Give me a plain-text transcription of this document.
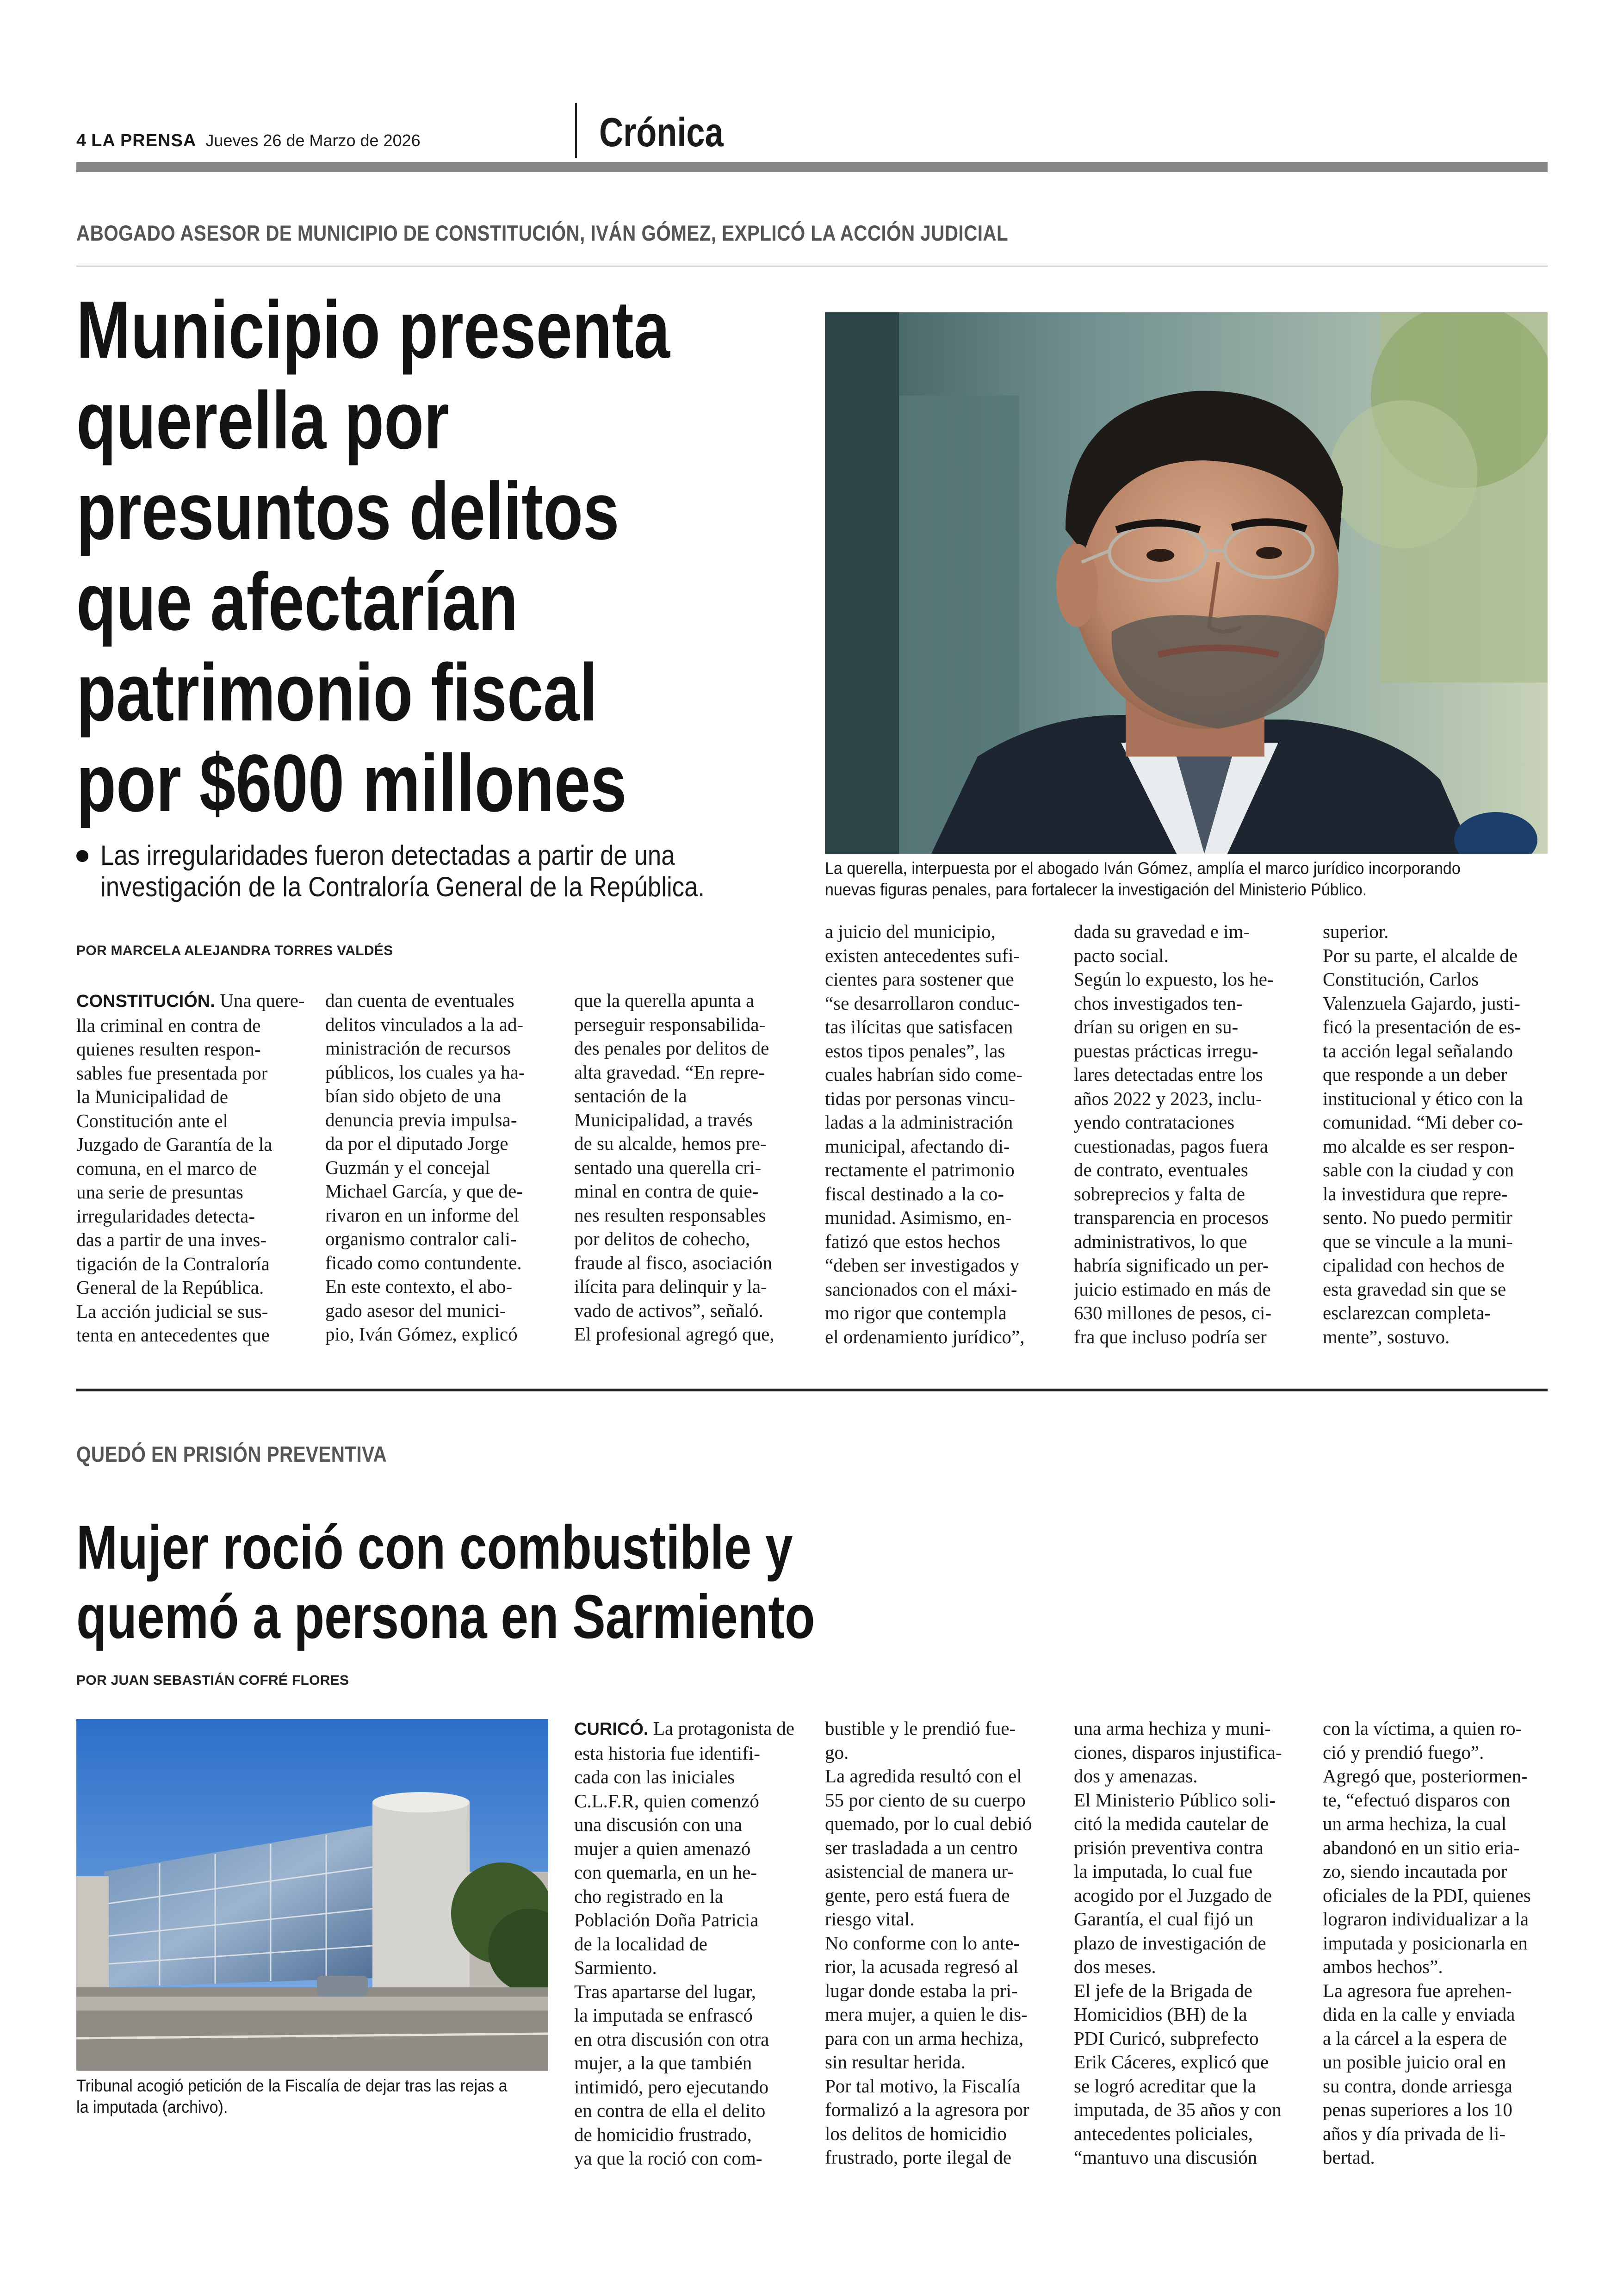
4 LA PRENSA Jueves 26 de Marzo de 2026	Crónica
ABOGADO ASESOR DE MUNICIPIO DE CONSTITUCIÓN, IVÁN GÓMEZ, EXPLICÓ LA ACCIÓN JUDICIAL
Municipio presenta
querella por
presuntos delitos
que afectarían
patrimonio fiscal
por $600 millones
Las irregularidades fueron detectadas a partir de una
investigación de la Contraloría General de la República.
POR MARCELA ALEJANDRA TORRES VALDÉS
La querella, interpuesta por el abogado Iván Gómez, amplía el marco jurídico incorporando
nuevas figuras penales, para fortalecer la investigación del Ministerio Público.
CONSTITUCIÓN. Una quere-
lla criminal en contra de
quienes resulten respon-
sables fue presentada por
la Municipalidad de
Constitución ante el
Juzgado de Garantía de la
comuna, en el marco de
una serie de presuntas
irregularidades detecta-
das a partir de una inves-
tigación de la Contraloría
General de la República.
La acción judicial se sus-
tenta en antecedentes que
dan cuenta de eventuales
delitos vinculados a la ad-
ministración de recursos
públicos, los cuales ya ha-
bían sido objeto de una
denuncia previa impulsa-
da por el diputado Jorge
Guzmán y el concejal
Michael García, y que de-
rivaron en un informe del
organismo contralor cali-
ficado como contundente.
En este contexto, el abo-
gado asesor del munici-
pio, Iván Gómez, explicó
que la querella apunta a
perseguir responsabilida-
des penales por delitos de
alta gravedad. “En repre-
sentación de la
Municipalidad, a través
de su alcalde, hemos pre-
sentado una querella cri-
minal en contra de quie-
nes resulten responsables
por delitos de cohecho,
fraude al fisco, asociación
ilícita para delinquir y la-
vado de activos”, señaló.
El profesional agregó que,
a juicio del municipio,
existen antecedentes sufi-
cientes para sostener que
“se desarrollaron conduc-
tas ilícitas que satisfacen
estos tipos penales”, las
cuales habrían sido come-
tidas por personas vincu-
ladas a la administración
municipal, afectando di-
rectamente el patrimonio
fiscal destinado a la co-
munidad. Asimismo, en-
fatizó que estos hechos
“deben ser investigados y
sancionados con el máxi-
mo rigor que contempla
el ordenamiento jurídico”,
dada su gravedad e im-
pacto social.
Según lo expuesto, los he-
chos investigados ten-
drían su origen en su-
puestas prácticas irregu-
lares detectadas entre los
años 2022 y 2023, inclu-
yendo contrataciones
cuestionadas, pagos fuera
de contrato, eventuales
sobreprecios y falta de
transparencia en procesos
administrativos, lo que
habría significado un per-
juicio estimado en más de
630 millones de pesos, ci-
fra que incluso podría ser
superior.
Por su parte, el alcalde de
Constitución, Carlos
Valenzuela Gajardo, justi-
ficó la presentación de es-
ta acción legal señalando
que responde a un deber
institucional y ético con la
comunidad. “Mi deber co-
mo alcalde es ser respon-
sable con la ciudad y con
la investidura que repre-
sento. No puedo permitir
que se vincule a la muni-
cipalidad con hechos de
esta gravedad sin que se
esclarezcan completa-
mente”, sostuvo.
QUEDÓ EN PRISIÓN PREVENTIVA
Mujer roció con combustible y
quemó a persona en Sarmiento
POR JUAN SEBASTIÁN COFRÉ FLORES
Tribunal acogió petición de la Fiscalía de dejar tras las rejas a
la imputada (archivo).
CURICÓ. La protagonista de
esta historia fue identifi-
cada con las iniciales
C.L.F.R, quien comenzó
una discusión con una
mujer a quien amenazó
con quemarla, en un he-
cho registrado en la
Población Doña Patricia
de la localidad de
Sarmiento.
Tras apartarse del lugar,
la imputada se enfrascó
en otra discusión con otra
mujer, a la que también
intimidó, pero ejecutando
en contra de ella el delito
de homicidio frustrado,
ya que la roció con com-
bustible y le prendió fue-
go.
La agredida resultó con el
55 por ciento de su cuerpo
quemado, por lo cual debió
ser trasladada a un centro
asistencial de manera ur-
gente, pero está fuera de
riesgo vital.
No conforme con lo ante-
rior, la acusada regresó al
lugar donde estaba la pri-
mera mujer, a quien le dis-
para con un arma hechiza,
sin resultar herida.
Por tal motivo, la Fiscalía
formalizó a la agresora por
los delitos de homicidio
frustrado, porte ilegal de
una arma hechiza y muni-
ciones, disparos injustifica-
dos y amenazas.
El Ministerio Público soli-
citó la medida cautelar de
prisión preventiva contra
la imputada, lo cual fue
acogido por el Juzgado de
Garantía, el cual fijó un
plazo de investigación de
dos meses.
El jefe de la Brigada de
Homicidios (BH) de la
PDI Curicó, subprefecto
Erik Cáceres, explicó que
se logró acreditar que la
imputada, de 35 años y con
antecedentes policiales,
“mantuvo una discusión
con la víctima, a quien ro-
ció y prendió fuego”.
Agregó que, posteriormen-
te, “efectuó disparos con
un arma hechiza, la cual
abandonó en un sitio eria-
zo, siendo incautada por
oficiales de la PDI, quienes
lograron individualizar a la
imputada y posicionarla en
ambos hechos”.
La agresora fue aprehen-
dida en la calle y enviada
a la cárcel a la espera de
un posible juicio oral en
su contra, donde arriesga
penas superiores a los 10
años y día privada de li-
bertad.
